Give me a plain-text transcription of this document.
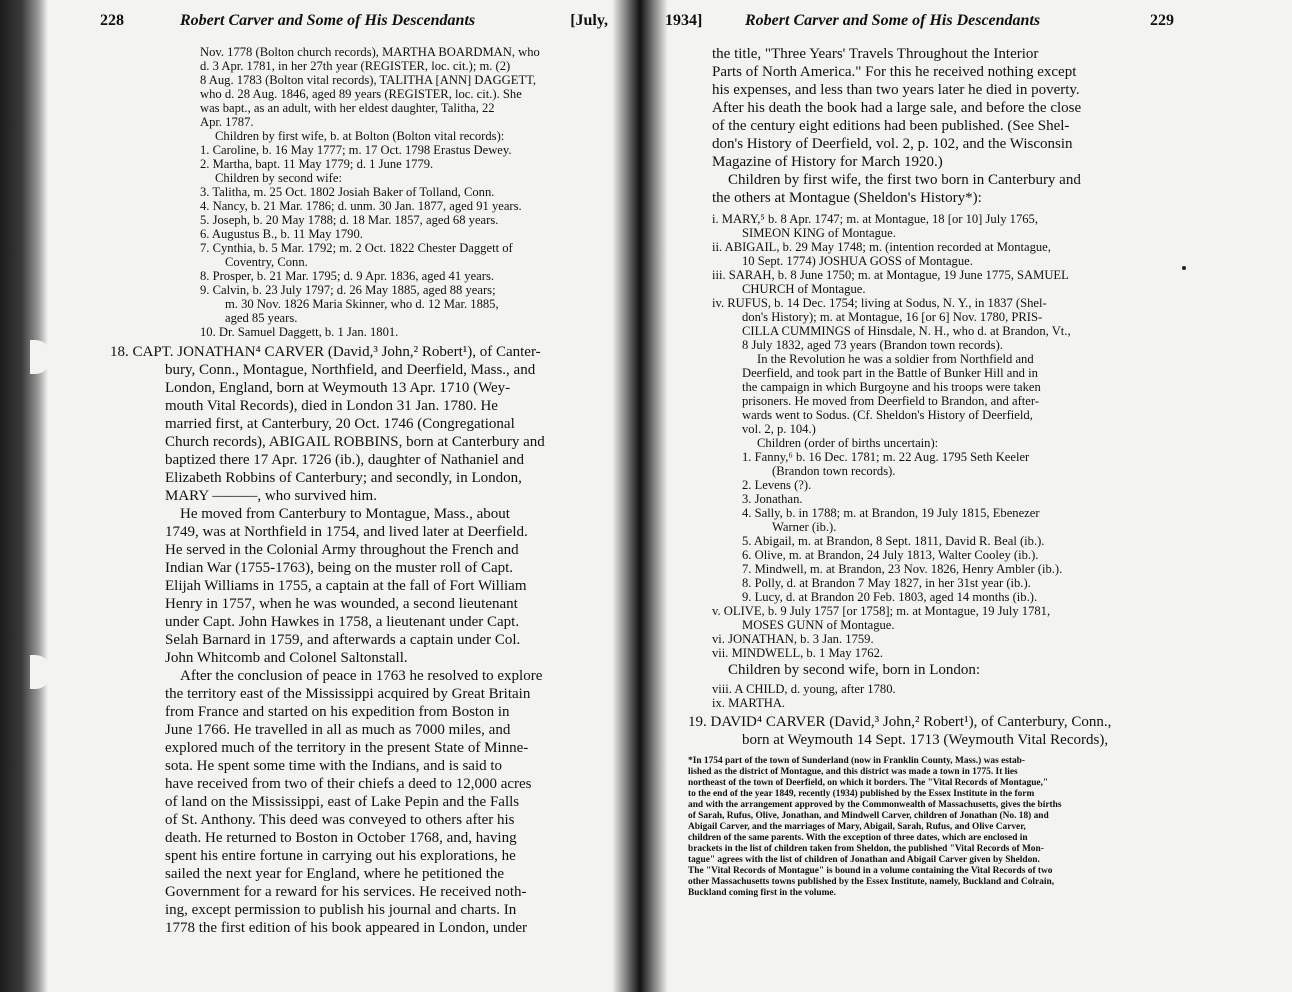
228	Robert Carver and Some of His Descendants	[July,
Nov. 1778 (Bolton church records), MARTHA BOARDMAN, who
d. 3 Apr. 1781, in her 27th year (REGISTER, loc. cit.); m. (2)
8 Aug. 1783 (Bolton vital records), TALITHA [ANN] DAGGETT,
who d. 28 Aug. 1846, aged 89 years (REGISTER, loc. cit.). She
was bapt., as an adult, with her eldest daughter, Talitha, 22
Apr. 1787.
Children by first wife, b. at Bolton (Bolton vital records):
1. Caroline, b. 16 May 1777; m. 17 Oct. 1798 Erastus Dewey.
2. Martha, bapt. 11 May 1779; d. 1 June 1779.
Children by second wife:
3. Talitha, m. 25 Oct. 1802 Josiah Baker of Tolland, Conn.
4. Nancy, b. 21 Mar. 1786; d. unm. 30 Jan. 1877, aged 91 years.
5. Joseph, b. 20 May 1788; d. 18 Mar. 1857, aged 68 years.
6. Augustus B., b. 11 May 1790.
7. Cynthia, b. 5 Mar. 1792; m. 2 Oct. 1822 Chester Daggett of
Coventry, Conn.
8. Prosper, b. 21 Mar. 1795; d. 9 Apr. 1836, aged 41 years.
9. Calvin, b. 23 July 1797; d. 26 May 1885, aged 88 years;
m. 30 Nov. 1826 Maria Skinner, who d. 12 Mar. 1885,
aged 85 years.
10. Dr. Samuel Daggett, b. 1 Jan. 1801.
18. CAPT. JONATHAN⁴ CARVER (David,³ John,² Robert¹), of Canter-
bury, Conn., Montague, Northfield, and Deerfield, Mass., and
London, England, born at Weymouth 13 Apr. 1710 (Wey-
mouth Vital Records), died in London 31 Jan. 1780. He
married first, at Canterbury, 20 Oct. 1746 (Congregational
Church records), ABIGAIL ROBBINS, born at Canterbury and
baptized there 17 Apr. 1726 (ib.), daughter of Nathaniel and
Elizabeth Robbins of Canterbury; and secondly, in London,
MARY ———, who survived him.
He moved from Canterbury to Montague, Mass., about
1749, was at Northfield in 1754, and lived later at Deerfield.
He served in the Colonial Army throughout the French and
Indian War (1755-1763), being on the muster roll of Capt.
Elijah Williams in 1755, a captain at the fall of Fort William
Henry in 1757, when he was wounded, a second lieutenant
under Capt. John Hawkes in 1758, a lieutenant under Capt.
Selah Barnard in 1759, and afterwards a captain under Col.
John Whitcomb and Colonel Saltonstall.
After the conclusion of peace in 1763 he resolved to explore
the territory east of the Mississippi acquired by Great Britain
from France and started on his expedition from Boston in
June 1766. He travelled in all as much as 7000 miles, and
explored much of the territory in the present State of Minne-
sota. He spent some time with the Indians, and is said to
have received from two of their chiefs a deed to 12,000 acres
of land on the Mississippi, east of Lake Pepin and the Falls
of St. Anthony. This deed was conveyed to others after his
death. He returned to Boston in October 1768, and, having
spent his entire fortune in carrying out his explorations, he
sailed the next year for England, where he petitioned the
Government for a reward for his services. He received noth-
ing, except permission to publish his journal and charts. In
1778 the first edition of his book appeared in London, under
1934]	Robert Carver and Some of His Descendants	229
the title, "Three Years' Travels Throughout the Interior
Parts of North America." For this he received nothing except
his expenses, and less than two years later he died in poverty.
After his death the book had a large sale, and before the close
of the century eight editions had been published. (See Shel-
don's History of Deerfield, vol. 2, p. 102, and the Wisconsin
Magazine of History for March 1920.)
Children by first wife, the first two born in Canterbury and
the others at Montague (Sheldon's History*):
i. MARY,⁵ b. 8 Apr. 1747; m. at Montague, 18 [or 10] July 1765,
SIMEON KING of Montague.
ii. ABIGAIL, b. 29 May 1748; m. (intention recorded at Montague,
10 Sept. 1774) JOSHUA GOSS of Montague.
iii. SARAH, b. 8 June 1750; m. at Montague, 19 June 1775, SAMUEL
CHURCH of Montague.
iv. RUFUS, b. 14 Dec. 1754; living at Sodus, N. Y., in 1837 (Shel-
don's History); m. at Montague, 16 [or 6] Nov. 1780, PRIS-
CILLA CUMMINGS of Hinsdale, N. H., who d. at Brandon, Vt.,
8 July 1832, aged 73 years (Brandon town records).
In the Revolution he was a soldier from Northfield and
Deerfield, and took part in the Battle of Bunker Hill and in
the campaign in which Burgoyne and his troops were taken
prisoners. He moved from Deerfield to Brandon, and after-
wards went to Sodus. (Cf. Sheldon's History of Deerfield,
vol. 2, p. 104.)
Children (order of births uncertain):
1. Fanny,⁶ b. 16 Dec. 1781; m. 22 Aug. 1795 Seth Keeler
(Brandon town records).
2. Levens (?).
3. Jonathan.
4. Sally, b. in 1788; m. at Brandon, 19 July 1815, Ebenezer
Warner (ib.).
5. Abigail, m. at Brandon, 8 Sept. 1811, David R. Beal (ib.).
6. Olive, m. at Brandon, 24 July 1813, Walter Cooley (ib.).
7. Mindwell, m. at Brandon, 23 Nov. 1826, Henry Ambler (ib.).
8. Polly, d. at Brandon 7 May 1827, in her 31st year (ib.).
9. Lucy, d. at Brandon 20 Feb. 1803, aged 14 months (ib.).
v. OLIVE, b. 9 July 1757 [or 1758]; m. at Montague, 19 July 1781,
MOSES GUNN of Montague.
vi. JONATHAN, b. 3 Jan. 1759.
vii. MINDWELL, b. 1 May 1762.
Children by second wife, born in London:
viii. A CHILD, d. young, after 1780.
ix. MARTHA.
19. DAVID⁴ CARVER (David,³ John,² Robert¹), of Canterbury, Conn.,
born at Weymouth 14 Sept. 1713 (Weymouth Vital Records),
*In 1754 part of the town of Sunderland (now in Franklin County, Mass.) was estab-
lished as the district of Montague, and this district was made a town in 1775. It lies
northeast of the town of Deerfield, on which it borders. The "Vital Records of Montague,"
to the end of the year 1849, recently (1934) published by the Essex Institute in the form
and with the arrangement approved by the Commonwealth of Massachusetts, gives the births
of Sarah, Rufus, Olive, Jonathan, and Mindwell Carver, children of Jonathan (No. 18) and
Abigail Carver, and the marriages of Mary, Abigail, Sarah, Rufus, and Olive Carver,
children of the same parents. With the exception of three dates, which are enclosed in
brackets in the list of children taken from Sheldon, the published "Vital Records of Mon-
tague" agrees with the list of children of Jonathan and Abigail Carver given by Sheldon.
The "Vital Records of Montague" is bound in a volume containing the Vital Records of two
other Massachusetts towns published by the Essex Institute, namely, Buckland and Colrain,
Buckland coming first in the volume.
